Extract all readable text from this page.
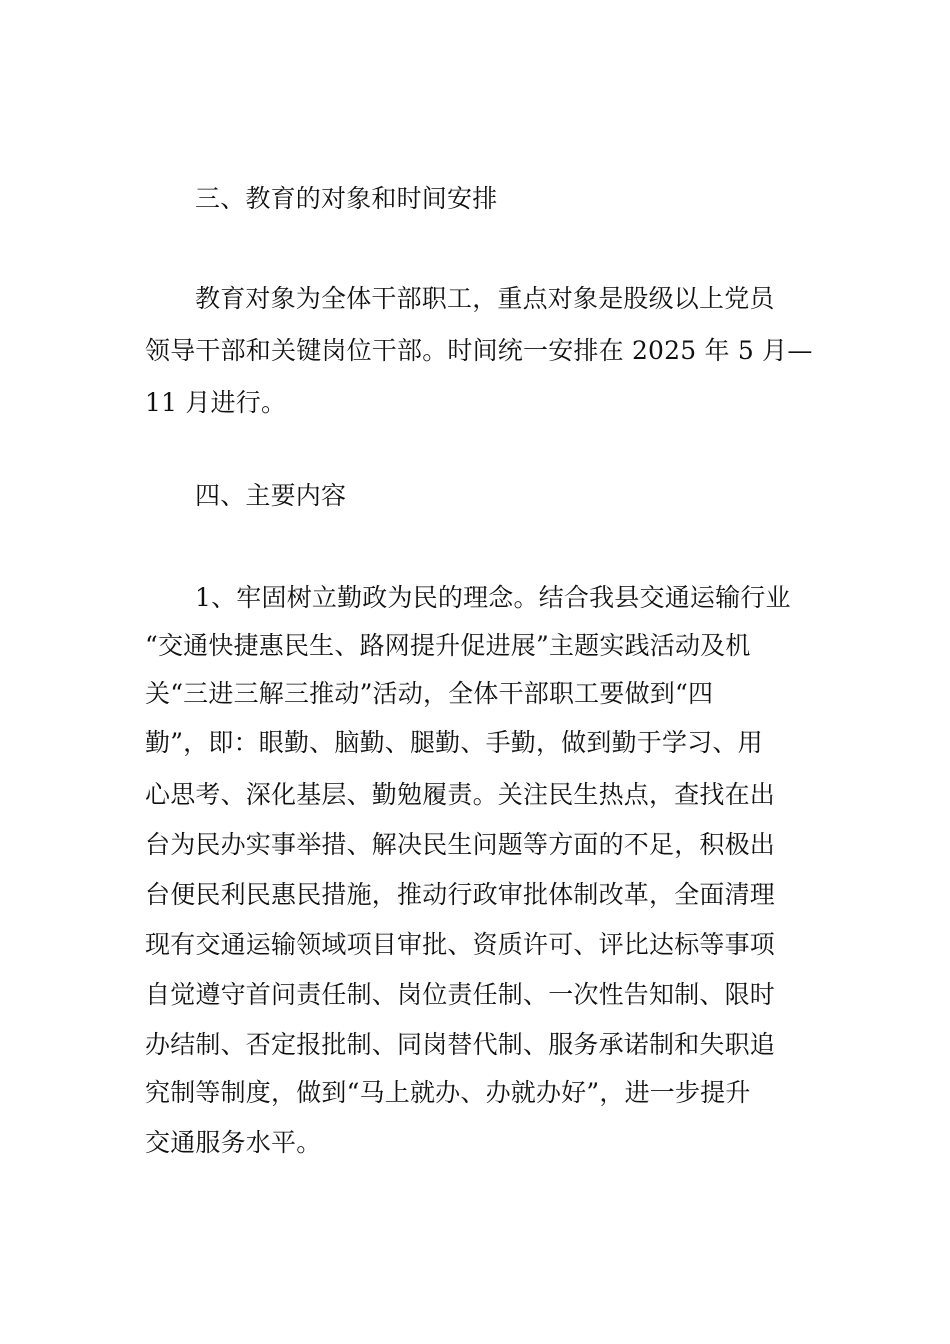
三、教育的对象和时间安排
教育对象为全体干部职工，重点对象是股级以上党员
领导干部和关键岗位干部。时间统一安排在 2025 年 5 月—
11 月进行。
四、主要内容
1、牢固树立勤政为民的理念。结合我县交通运输行业
“交通快捷惠民生、路网提升促进展”主题实践活动及机
关“三进三解三推动”活动，全体干部职工要做到“四
勤”，即：眼勤、脑勤、腿勤、手勤，做到勤于学习、用
心思考、深化基层、勤勉履责。关注民生热点，查找在出
台为民办实事举措、解决民生问题等方面的不足，积极出
台便民利民惠民措施，推动行政审批体制改革，全面清理
现有交通运输领域项目审批、资质许可、评比达标等事项
自觉遵守首问责任制、岗位责任制、一次性告知制、限时
办结制、否定报批制、同岗替代制、服务承诺制和失职追
究制等制度，做到“马上就办、办就办好”，进一步提升
交通服务水平。
